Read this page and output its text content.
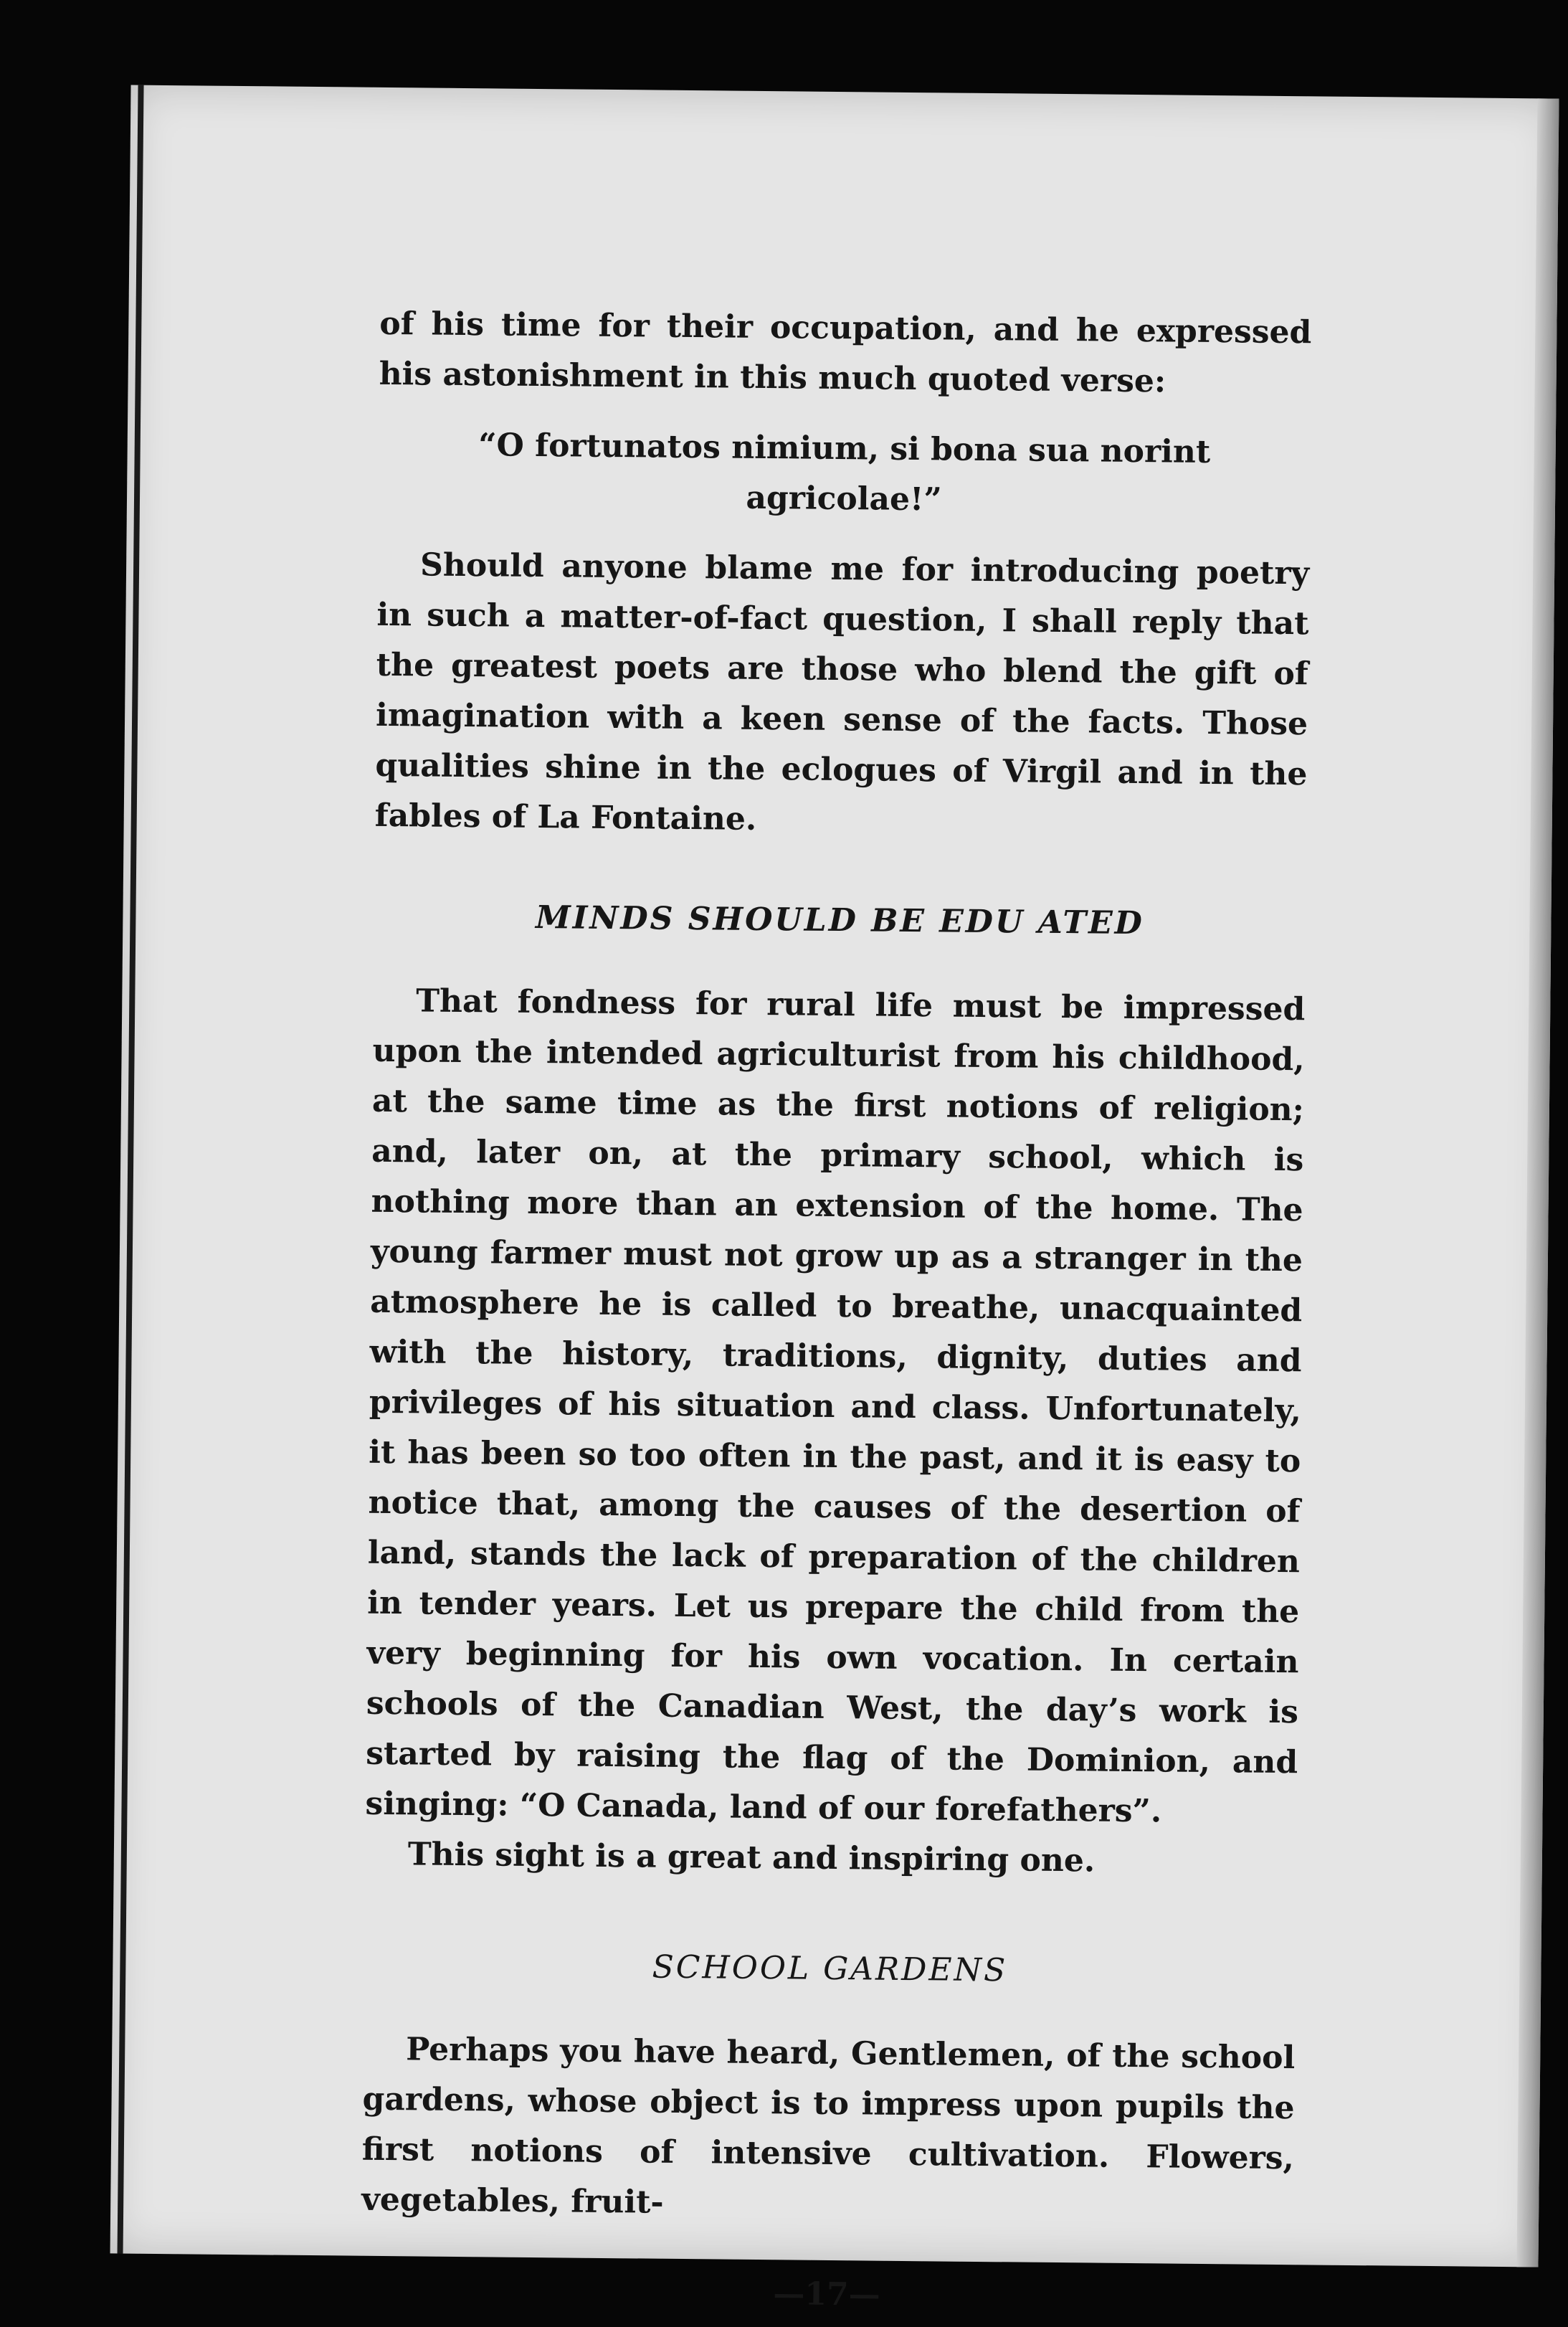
of his time for their occupation, and he expressed his astonishment in this much quoted verse:

“O fortunatos nimium, si bona sua norint agricolae!”

Should anyone blame me for introducing poetry in such a matter-of-fact question, I shall reply that the greatest poets are those who blend the gift of imagination with a keen sense of the facts. Those qualities shine in the eclogues of Virgil and in the fables of La Fontaine.

MINDS SHOULD BE EDU ATED

That fondness for rural life must be impressed upon the intended agriculturist from his childhood, at the same time as the first notions of religion; and, later on, at the primary school, which is nothing more than an extension of the home. The young farmer must not grow up as a stranger in the atmosphere he is called to breathe, unacquainted with the history, traditions, dignity, duties and privileges of his situation and class. Unfortunately, it has been so too often in the past, and it is easy to notice that, among the causes of the desertion of land, stands the lack of preparation of the children in tender years. Let us prepare the child from the very beginning for his own vocation. In certain schools of the Canadian West, the day’s work is started by raising the flag of the Dominion, and singing: “O Canada, land of our forefathers”.

This sight is a great and inspiring one.

SCHOOL GARDENS

Perhaps you have heard, Gentlemen, of the school gardens, whose object is to impress upon pupils the first notions of intensive cultivation. Flowers, vegetables, fruit-

—17—
